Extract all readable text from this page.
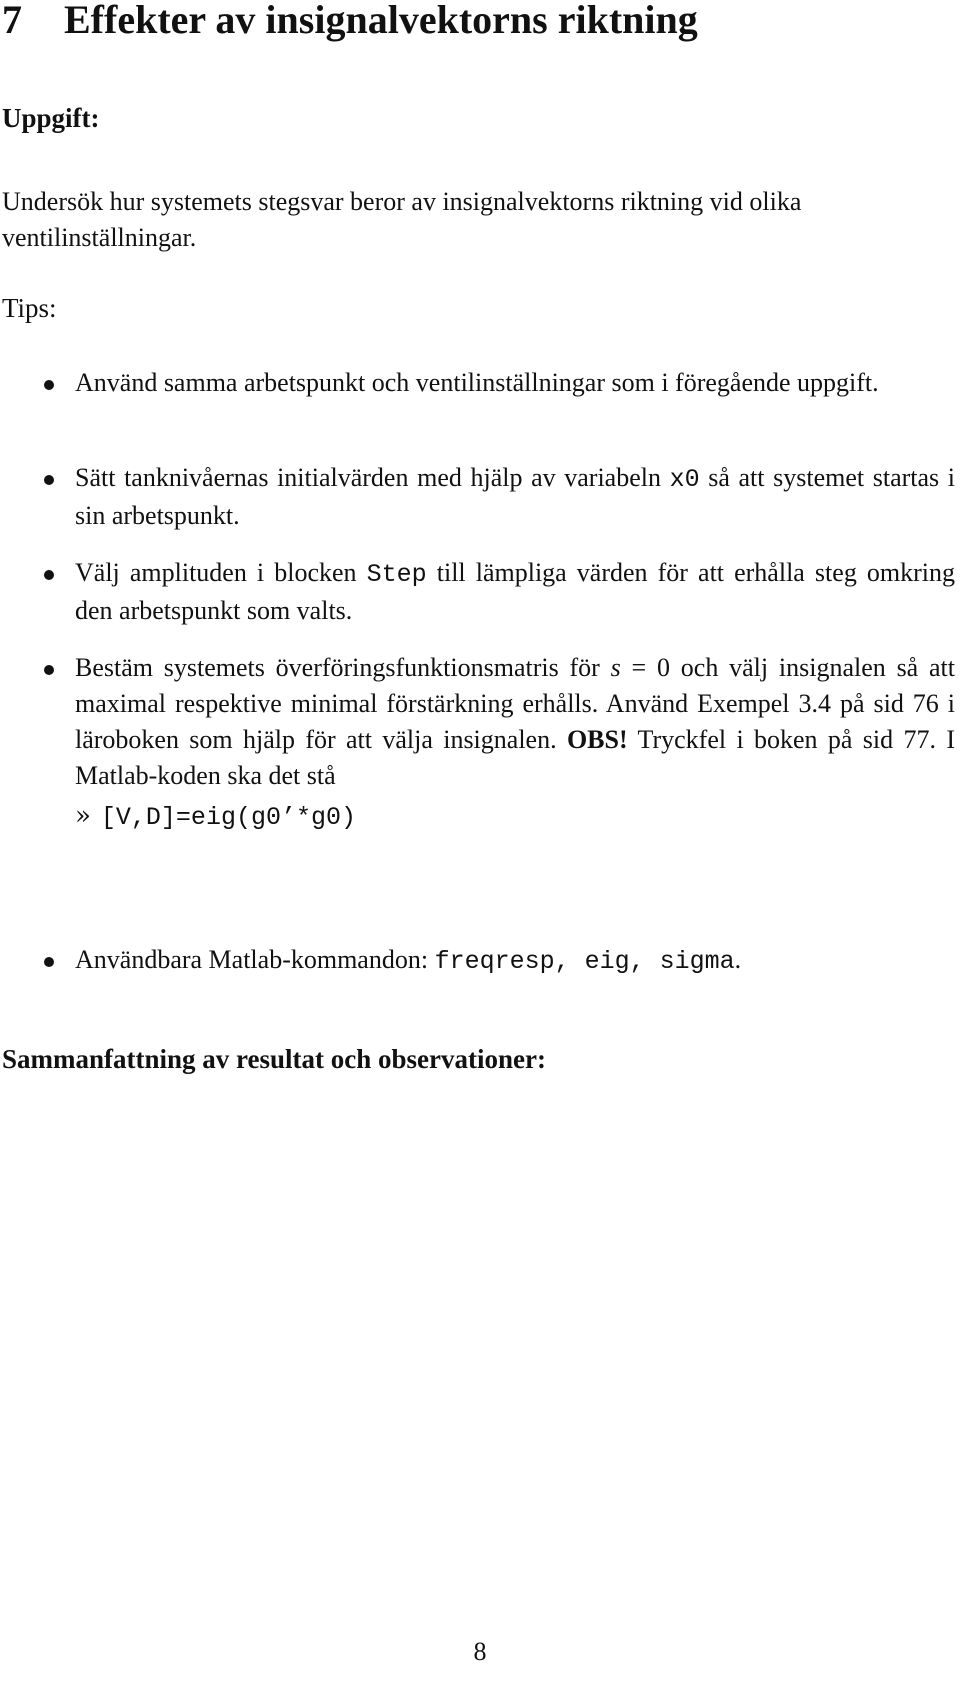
7 Effekter av insignalvektorns riktning
Uppgift:

Undersök hur systemets stegsvar beror av insignalvektorns riktning vid olika ventilinställningar.

Tips:

Använd samma arbetspunkt och ventilinställningar som i föregående uppgift.
Sätt tanknivåernas initialvärden med hjälp av variabeln x0 så att systemet startas i sin arbetspunkt.
Välj amplituden i blocken Step till lämpliga värden för att erhålla steg omkring den arbetspunkt som valts.
Bestäm systemets överföringsfunktionsmatris för s = 0 och välj insignalen så att maximal respektive minimal förstärkning erhålls. Använd Exempel 3.4 på sid 76 i läroboken som hjälp för att välja insignalen. OBS! Tryckfel i boken på sid 77. I Matlab-koden ska det stå
» [V,D]=eig(g0’*g0)
Användbara Matlab-kommandon: freqresp, eig, sigma.
Sammanfattning av resultat och observationer:
8
